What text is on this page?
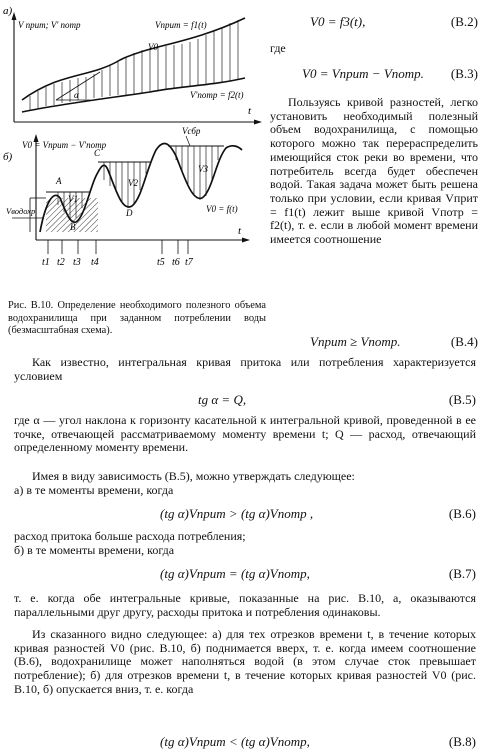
а)
V прит; V' потр
t
α
V0
Vприт = f1(t)
V'потр = f2(t)
б)
t
V0 = Vприт − V'потр
Vводохр
Vсбр
V0 = f(t)
A
B
C
D
V1
V2
V3
t1 t2 t3 t4	t5 t6 t7
Рис. В.10. Определение необходимого полезного объема водохранилища при заданном потреблении воды (безмасштабная схема).
V0 = f3(t),	(В.2)
где
V0 = Vприт − Vпотр. (В.3)
Пользуясь кривой разностей, легко установить необходимый полезный объем водохранилища, с помощью которого можно так перераспределить имеющийся сток реки во времени, что потребитель всегда будет обеспечен водой. Такая задача может быть решена только при условии, если кривая Vприт = f1(t) лежит выше кривой Vпотр = f2(t), т. е. если в любой момент времени имеется соотношение
Vприт ≥ Vпотр.	(В.4)
Как известно, интегральная кривая притока или потребления характеризуется условием
tg α = Q,	(В.5)
где α — угол наклона к горизонту касательной к интегральной кривой, проведенной в ее точке, отвечающей рассматриваемому моменту времени t; Q — расход, отвечающий определенному моменту времени.
Имея в виду зависимость (В.5), можно утверждать следующее:
а) в те моменты времени, когда
(tg α)Vприт > (tg α)Vпотр ,	(В.6)
расход притока больше расхода потребления;
б) в те моменты времени, когда
(tg α)Vприт = (tg α)Vпотр,	(В.7)
т. е. когда обе интегральные кривые, показанные на рис. В.10, а, оказываются параллельными друг другу, расходы притока и потребления одинаковы.
Из сказанного видно следующее: а) для тех отрезков времени t, в течение которых кривая разностей V0 (рис. В.10, б) поднимается вверх, т. е. когда имеем соотношение (В.6), водохранилище может наполняться водой (в этом случае сток превышает потребление); б) для отрезков времени t, в течение которых кривая разностей V0 (рис. В.10, б) опускается вниз, т. е. когда
(tg α)Vприт < (tg α)Vпотр,	(В.8)
